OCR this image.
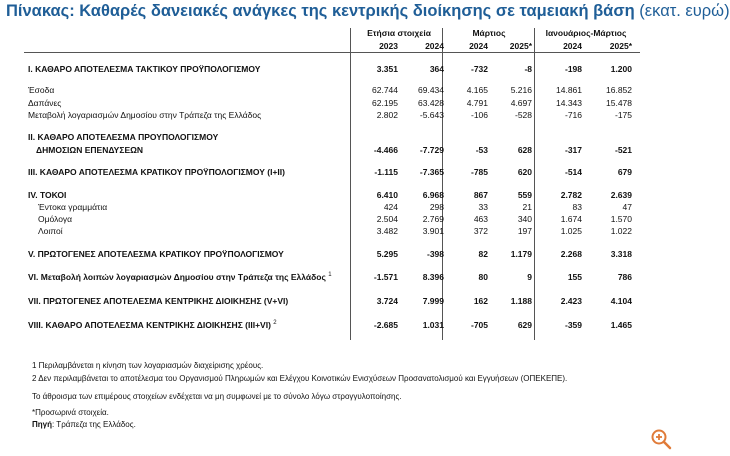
Πίνακας: Καθαρές δανειακές ανάγκες της κεντρικής διοίκησης σε ταμειακή βάση (εκατ. ευρώ)
Ετήσια στοιχεία	Μάρτιος	Ιανουάριος-Μάρτιος
2023	2024	2024	2025*	2024	2025*
I. ΚΑΘΑΡΟ ΑΠΟΤΕΛΕΣΜΑ ΤΑΚΤΙΚΟΥ ΠΡΟΫΠΟΛΟΓΙΣΜΟΥ	3.351	364	-732	-8	-198	1.200
Έσοδα	62.744	69.434	4.165	5.216	14.861	16.852
Δαπάνες	62.195	63.428	4.791	4.697	14.343	15.478
Μεταβολή λογαριασμών Δημοσίου στην Τράπεζα της Ελλάδος	2.802	-5.643	-106	-528	-716	-175
II. ΚΑΘΑΡΟ ΑΠΟΤΕΛΕΣΜΑ ΠΡΟΥΠΟΛΟΓΙΣΜΟΥ
ΔΗΜΟΣΙΩΝ ΕΠΕΝΔΥΣΕΩΝ	-4.466	-7.729	-53	628	-317	-521
III. ΚΑΘΑΡΟ ΑΠΟΤΕΛΕΣΜΑ ΚΡΑΤΙΚΟΥ ΠΡΟΫΠΟΛΟΓΙΣΜΟΥ (I+II)	-1.115	-7.365	-785	620	-514	679
IV. ΤΟΚΟΙ	6.410	6.968	867	559	2.782	2.639
Έντοκα γραμμάτια	424	298	33	21	83	47
Ομόλογα	2.504	2.769	463	340	1.674	1.570
Λοιποί	3.482	3.901	372	197	1.025	1.022
V. ΠΡΩΤΟΓΕΝΕΣ ΑΠΟΤΕΛΕΣΜΑ ΚΡΑΤΙΚΟΥ ΠΡΟΫΠΟΛΟΓΙΣΜΟΥ	5.295	-398	82	1.179	2.268	3.318
VI. Μεταβολή λοιπών λογαριασμών Δημοσίου στην Τράπεζα της Ελλάδος $^1$	-1.571	8.396	80	9	155	786
VII. ΠΡΩΤΟΓΕΝΕΣ ΑΠΟΤΕΛΕΣΜΑ ΚΕΝΤΡΙΚΗΣ ΔΙΟΙΚΗΣΗΣ (V+VI)	3.724	7.999	162	1.188	2.423	4.104
VIII. ΚΑΘΑΡΟ ΑΠΟΤΕΛΕΣΜΑ ΚΕΝΤΡΙΚΗΣ ΔΙΟΙΚΗΣΗΣ (III+VI) $^2$	-2.685	1.031	-705	629	-359	1.465
1 Περιλαμβάνεται η κίνηση των λογαριασμών διαχείρισης χρέους.
2 Δεν περιλαμβάνεται το αποτέλεσμα του Οργανισμού Πληρωμών και Ελέγχου Κοινοτικών Ενισχύσεων Προσανατολισμού και Εγγυήσεων (ΟΠΕΚΕΠΕ).
Το άθροισμα των επιμέρους στοιχείων ενδέχεται να μη συμφωνεί με το σύνολο λόγω στρογγυλοποίησης.
*Προσωρινά στοιχεία.
Πηγή: Τράπεζα της Ελλάδος.
